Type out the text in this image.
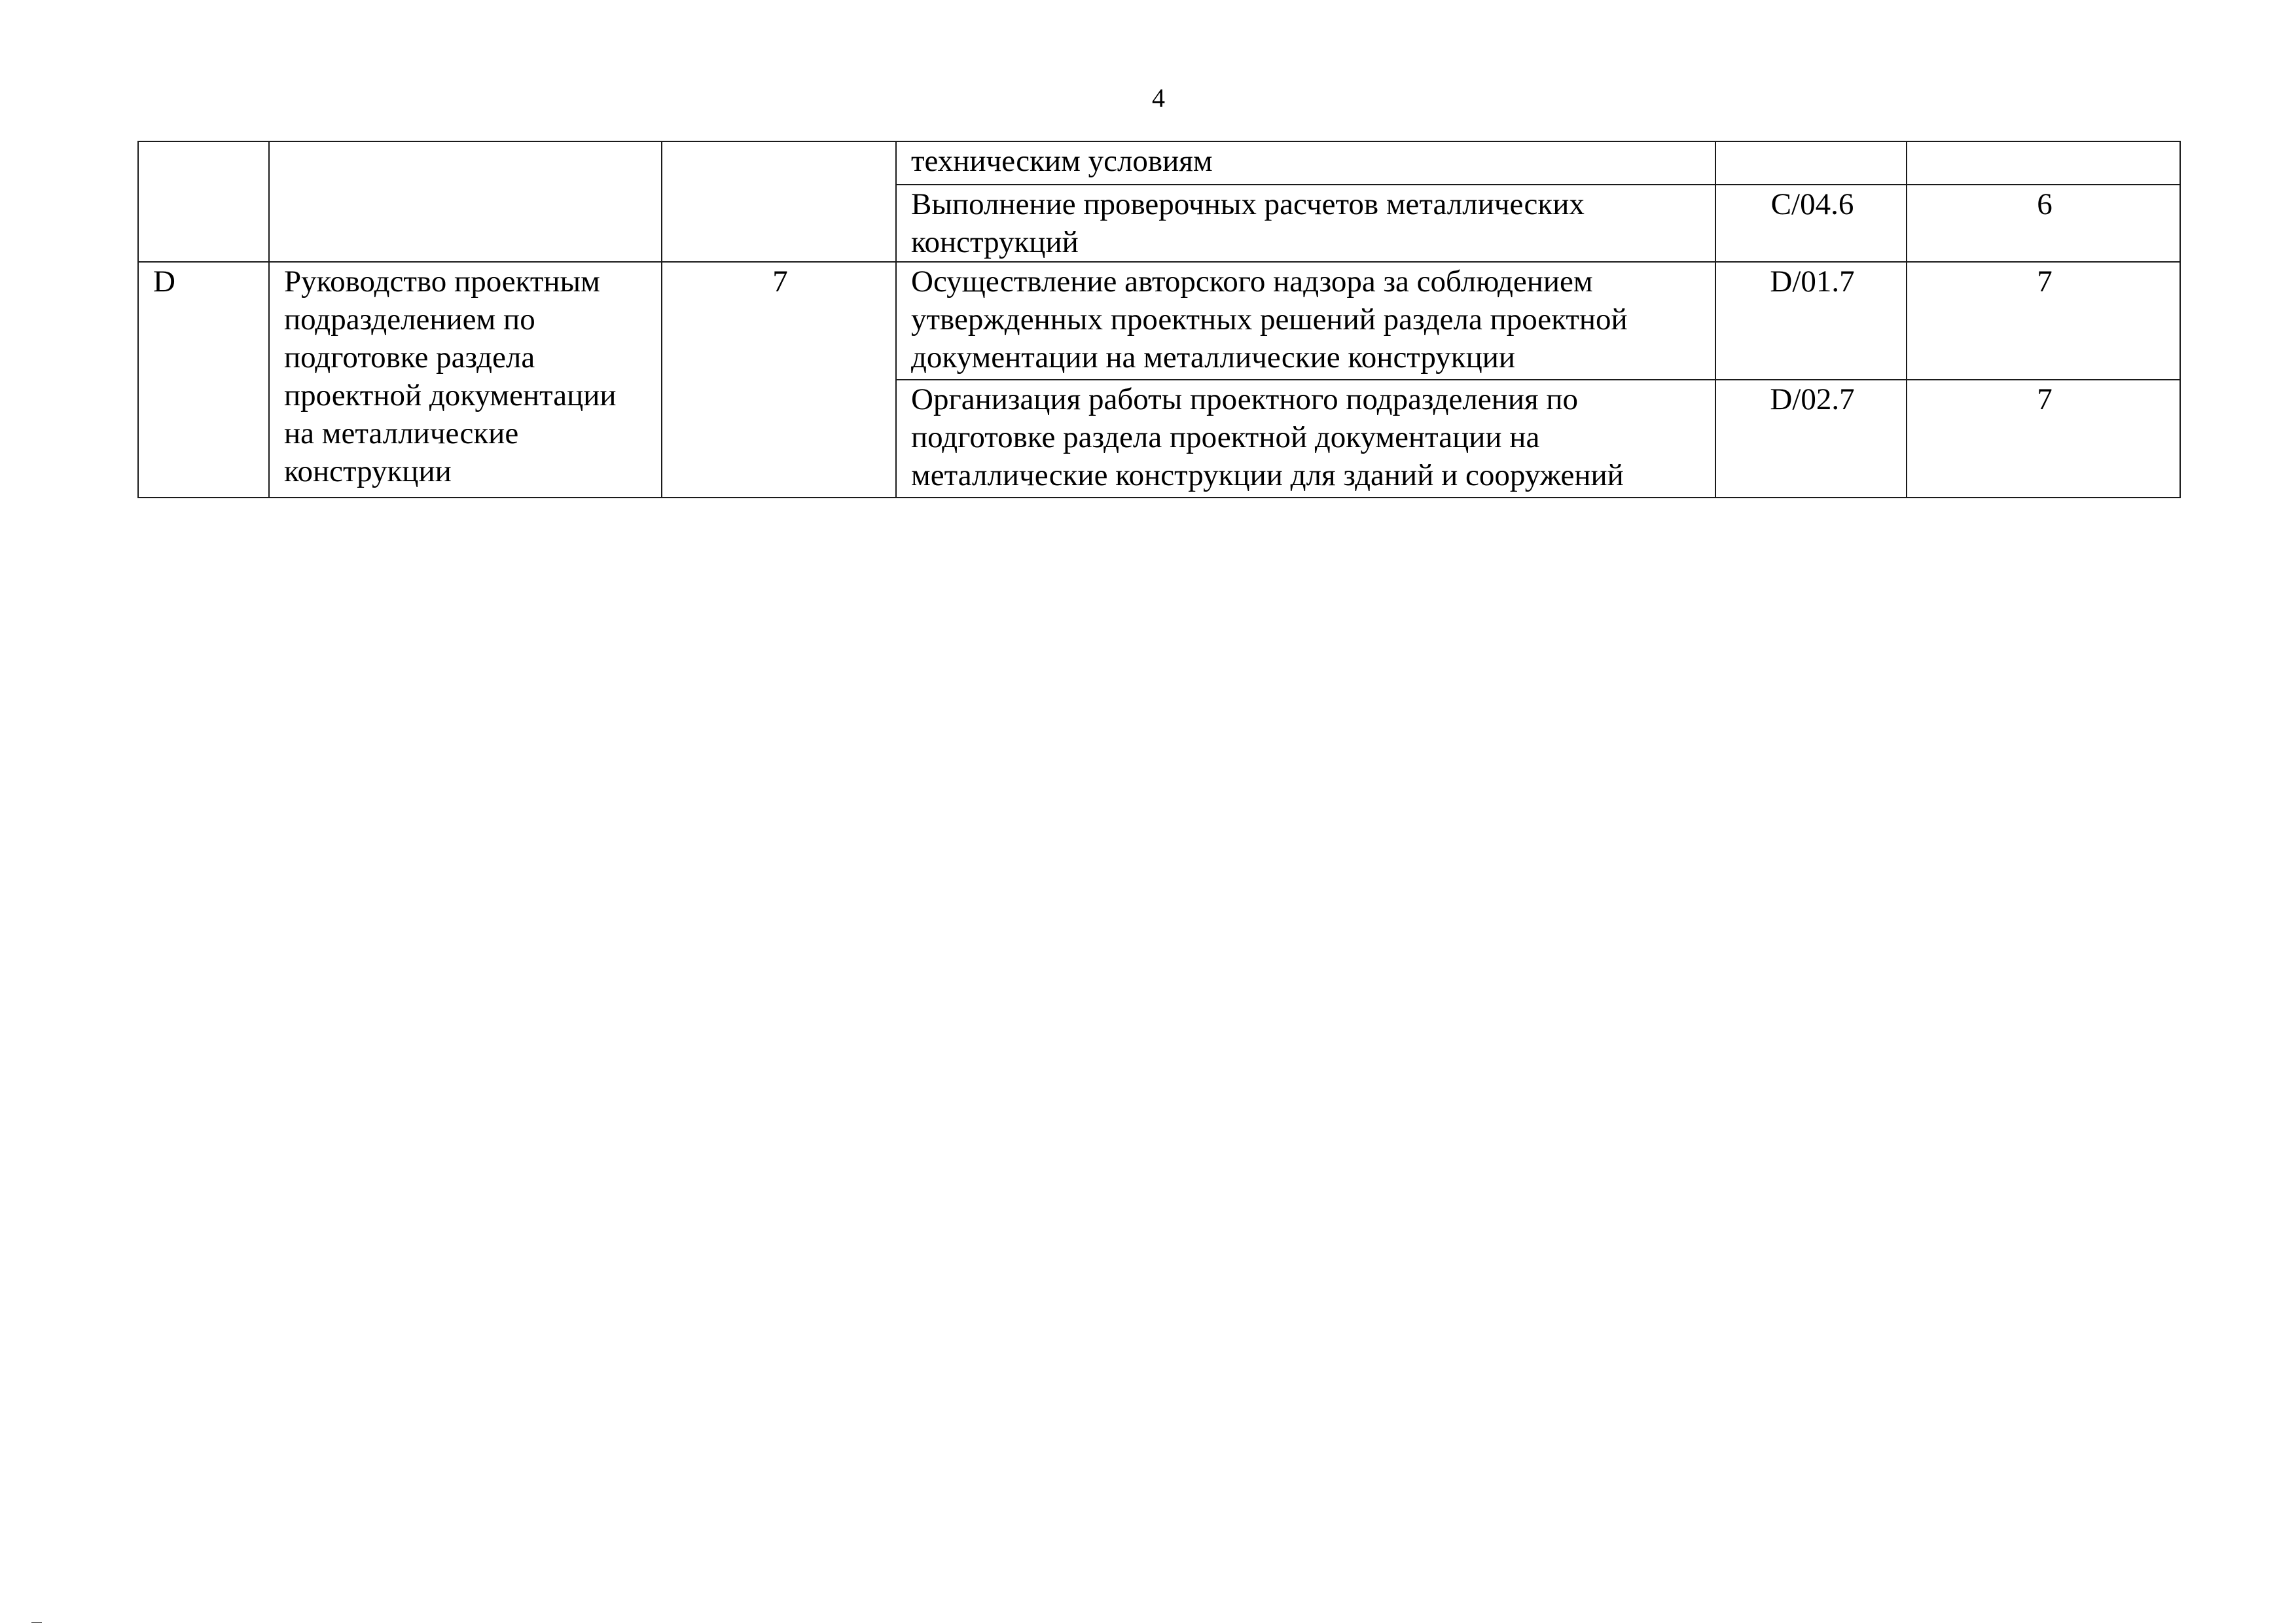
4
			техническим условиям		
			Выполнение проверочных расчетов металлических конструкций	C/04.6	6
D	Руководство проектным подразделением по подготовке раздела проектной документации на металлические конструкции	7	Осуществление авторского надзора за соблюдением утвержденных проектных решений раздела проектной документации на металлические конструкции	D/01.7	7
			Организация работы проектного подразделения по подготовке раздела проектной документации на металлические конструкции для зданий и сооружений	D/02.7	7
